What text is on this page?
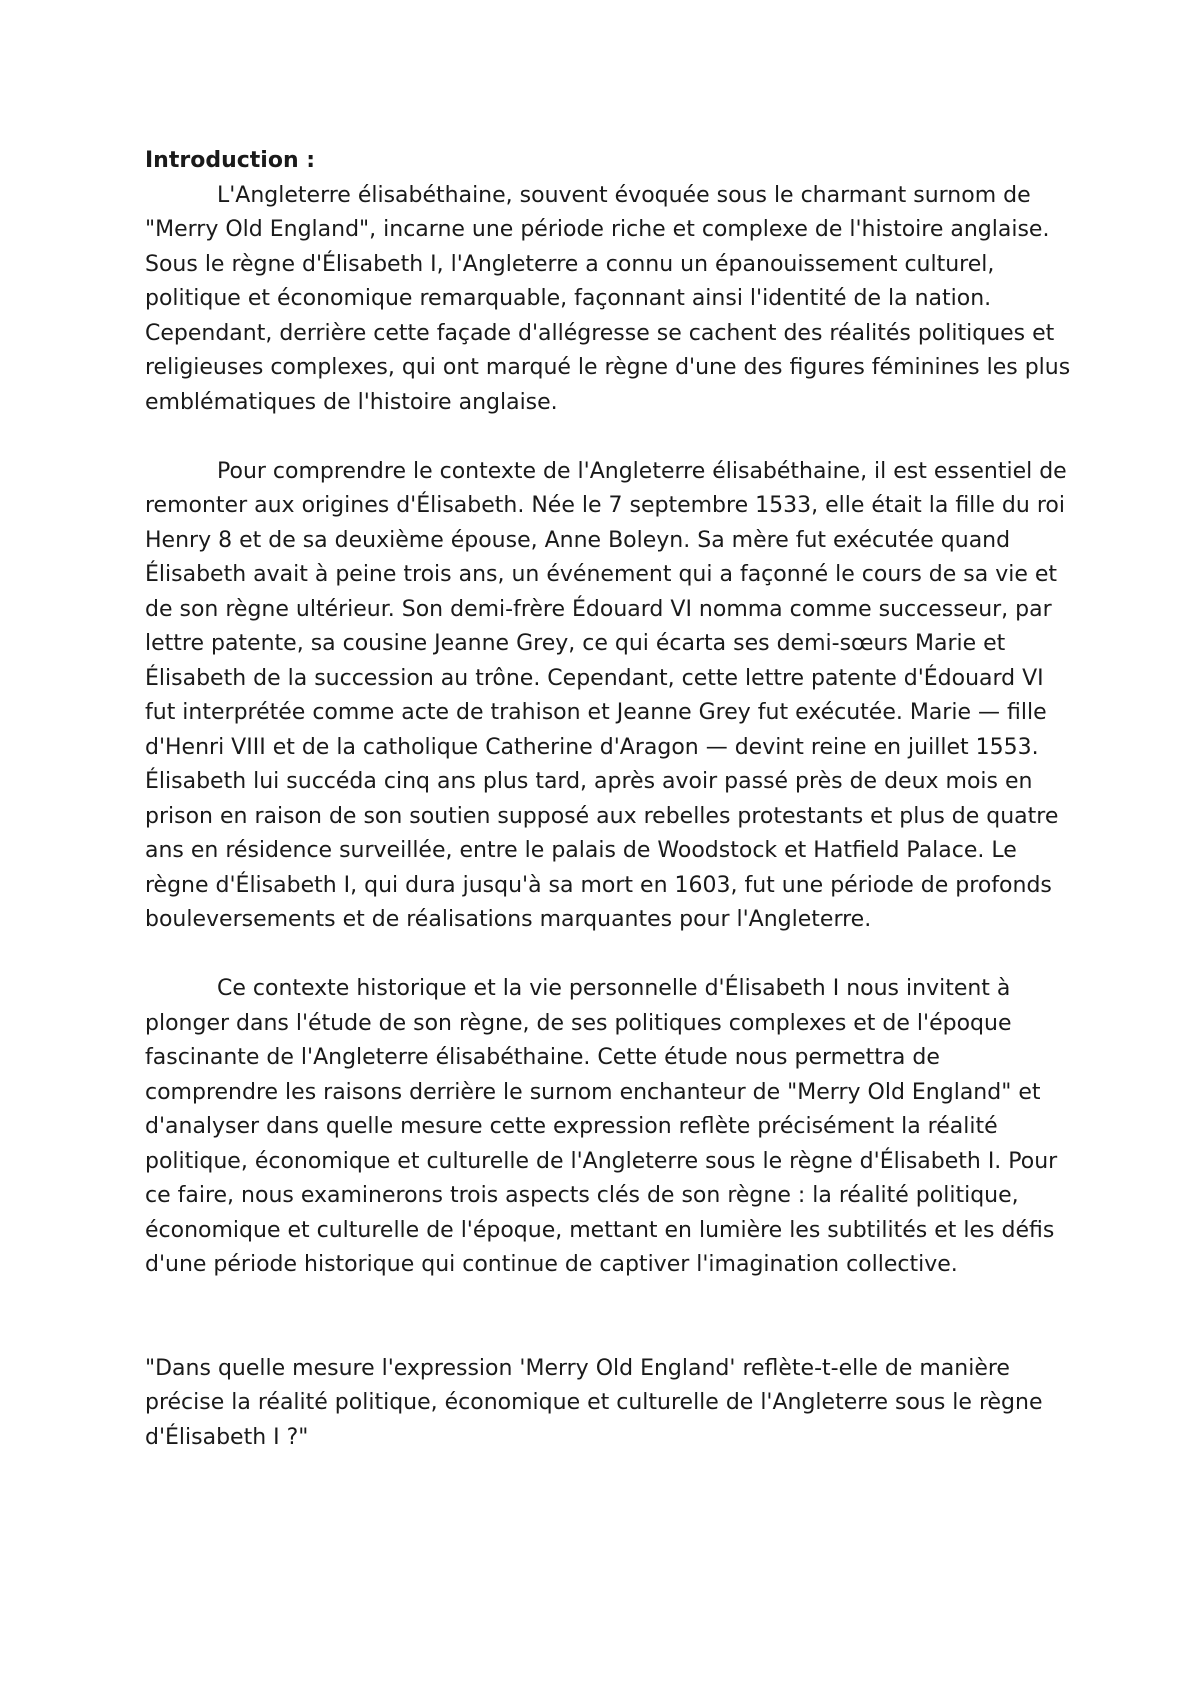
Introduction :

L'Angleterre élisabéthaine, souvent évoquée sous le charmant surnom de "Merry Old England", incarne une période riche et complexe de l'histoire anglaise. Sous le règne d'Élisabeth I, l'Angleterre a connu un épanouissement culturel, politique et économique remarquable, façonnant ainsi l'identité de la nation. Cependant, derrière cette façade d'allégresse se cachent des réalités politiques et religieuses complexes, qui ont marqué le règne d'une des figures féminines les plus emblématiques de l'histoire anglaise.

Pour comprendre le contexte de l'Angleterre élisabéthaine, il est essentiel de remonter aux origines d'Élisabeth. Née le 7 septembre 1533, elle était la fille du roi Henry 8 et de sa deuxième épouse, Anne Boleyn. Sa mère fut exécutée quand Élisabeth avait à peine trois ans, un événement qui a façonné le cours de sa vie et de son règne ultérieur. Son demi-frère Édouard VI nomma comme successeur, par lettre patente, sa cousine Jeanne Grey, ce qui écarta ses demi-sœurs Marie et Élisabeth de la succession au trône. Cependant, cette lettre patente d'Édouard VI fut interprétée comme acte de trahison et Jeanne Grey fut exécutée. Marie — fille d'Henri VIII et de la catholique Catherine d'Aragon — devint reine en juillet 1553. Élisabeth lui succéda cinq ans plus tard, après avoir passé près de deux mois en prison en raison de son soutien supposé aux rebelles protestants et plus de quatre ans en résidence surveillée, entre le palais de Woodstock et Hatfield Palace. Le règne d'Élisabeth I, qui dura jusqu'à sa mort en 1603, fut une période de profonds bouleversements et de réalisations marquantes pour l'Angleterre.

Ce contexte historique et la vie personnelle d'Élisabeth I nous invitent à plonger dans l'étude de son règne, de ses politiques complexes et de l'époque fascinante de l'Angleterre élisabéthaine. Cette étude nous permettra de comprendre les raisons derrière le surnom enchanteur de "Merry Old England" et d'analyser dans quelle mesure cette expression reflète précisément la réalité politique, économique et culturelle de l'Angleterre sous le règne d'Élisabeth I. Pour ce faire, nous examinerons trois aspects clés de son règne : la réalité politique, économique et culturelle de l'époque, mettant en lumière les subtilités et les défis d'une période historique qui continue de captiver l'imagination collective.

"Dans quelle mesure l'expression 'Merry Old England' reflète-t-elle de manière précise la réalité politique, économique et culturelle de l'Angleterre sous le règne d'Élisabeth I ?"
